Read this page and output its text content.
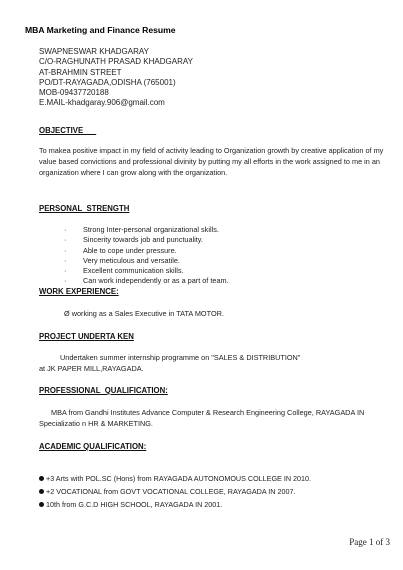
MBA Marketing and Finance Resume
SWAPNESWAR KHADGARAY
C/O-RAGHUNATH PRASAD KHADGARAY
AT-BRAHMIN STREET
PO/DT-RAYAGADA,ODISHA (765001)
MOB-09437720188
E.MAIL-khadgaray.906@gmail.com
OBJECTIVE
To makea positive impact in my field of activity leading to Organization growth by creative application of my value based convictions and professional divinity by putting my all efforts in the work assigned to me in an organization where I can grow along with the organization.
PERSONAL  STRENGTH
· Strong Inter-personal organizational skills.
· Sincerity towards job and punctuality.
· Able to cope under pressure.
· Very meticulous and versatile.
· Excellent communication skills.
· Can work independently or as a part of team.
WORK EXPERIENCE:
Ø working as a Sales Executive in TATA MOTOR.
PROJECT UNDERTA KEN
Undertaken summer internship programme on "SALES & DISTRIBUTION"
at JK PAPER MILL,RAYAGADA.
PROFESSIONAL  QUALIFICATION:
MBA from Gandhi Institutes Advance Computer & Research Engineering College, RAYAGADA IN Specializatio n HR & MARKETING.
ACADEMIC QUALIFICATION:
+3 Arts with POL.SC (Hons) from RAYAGADA AUTONOMOUS COLLEGE IN 2010.
+2 VOCATIONAL from GOVT VOCATIONAL COLLEGE, RAYAGADA IN 2007.
10th from G.C.D HIGH SCHOOL, RAYAGADA IN 2001.
Page 1 of 3
